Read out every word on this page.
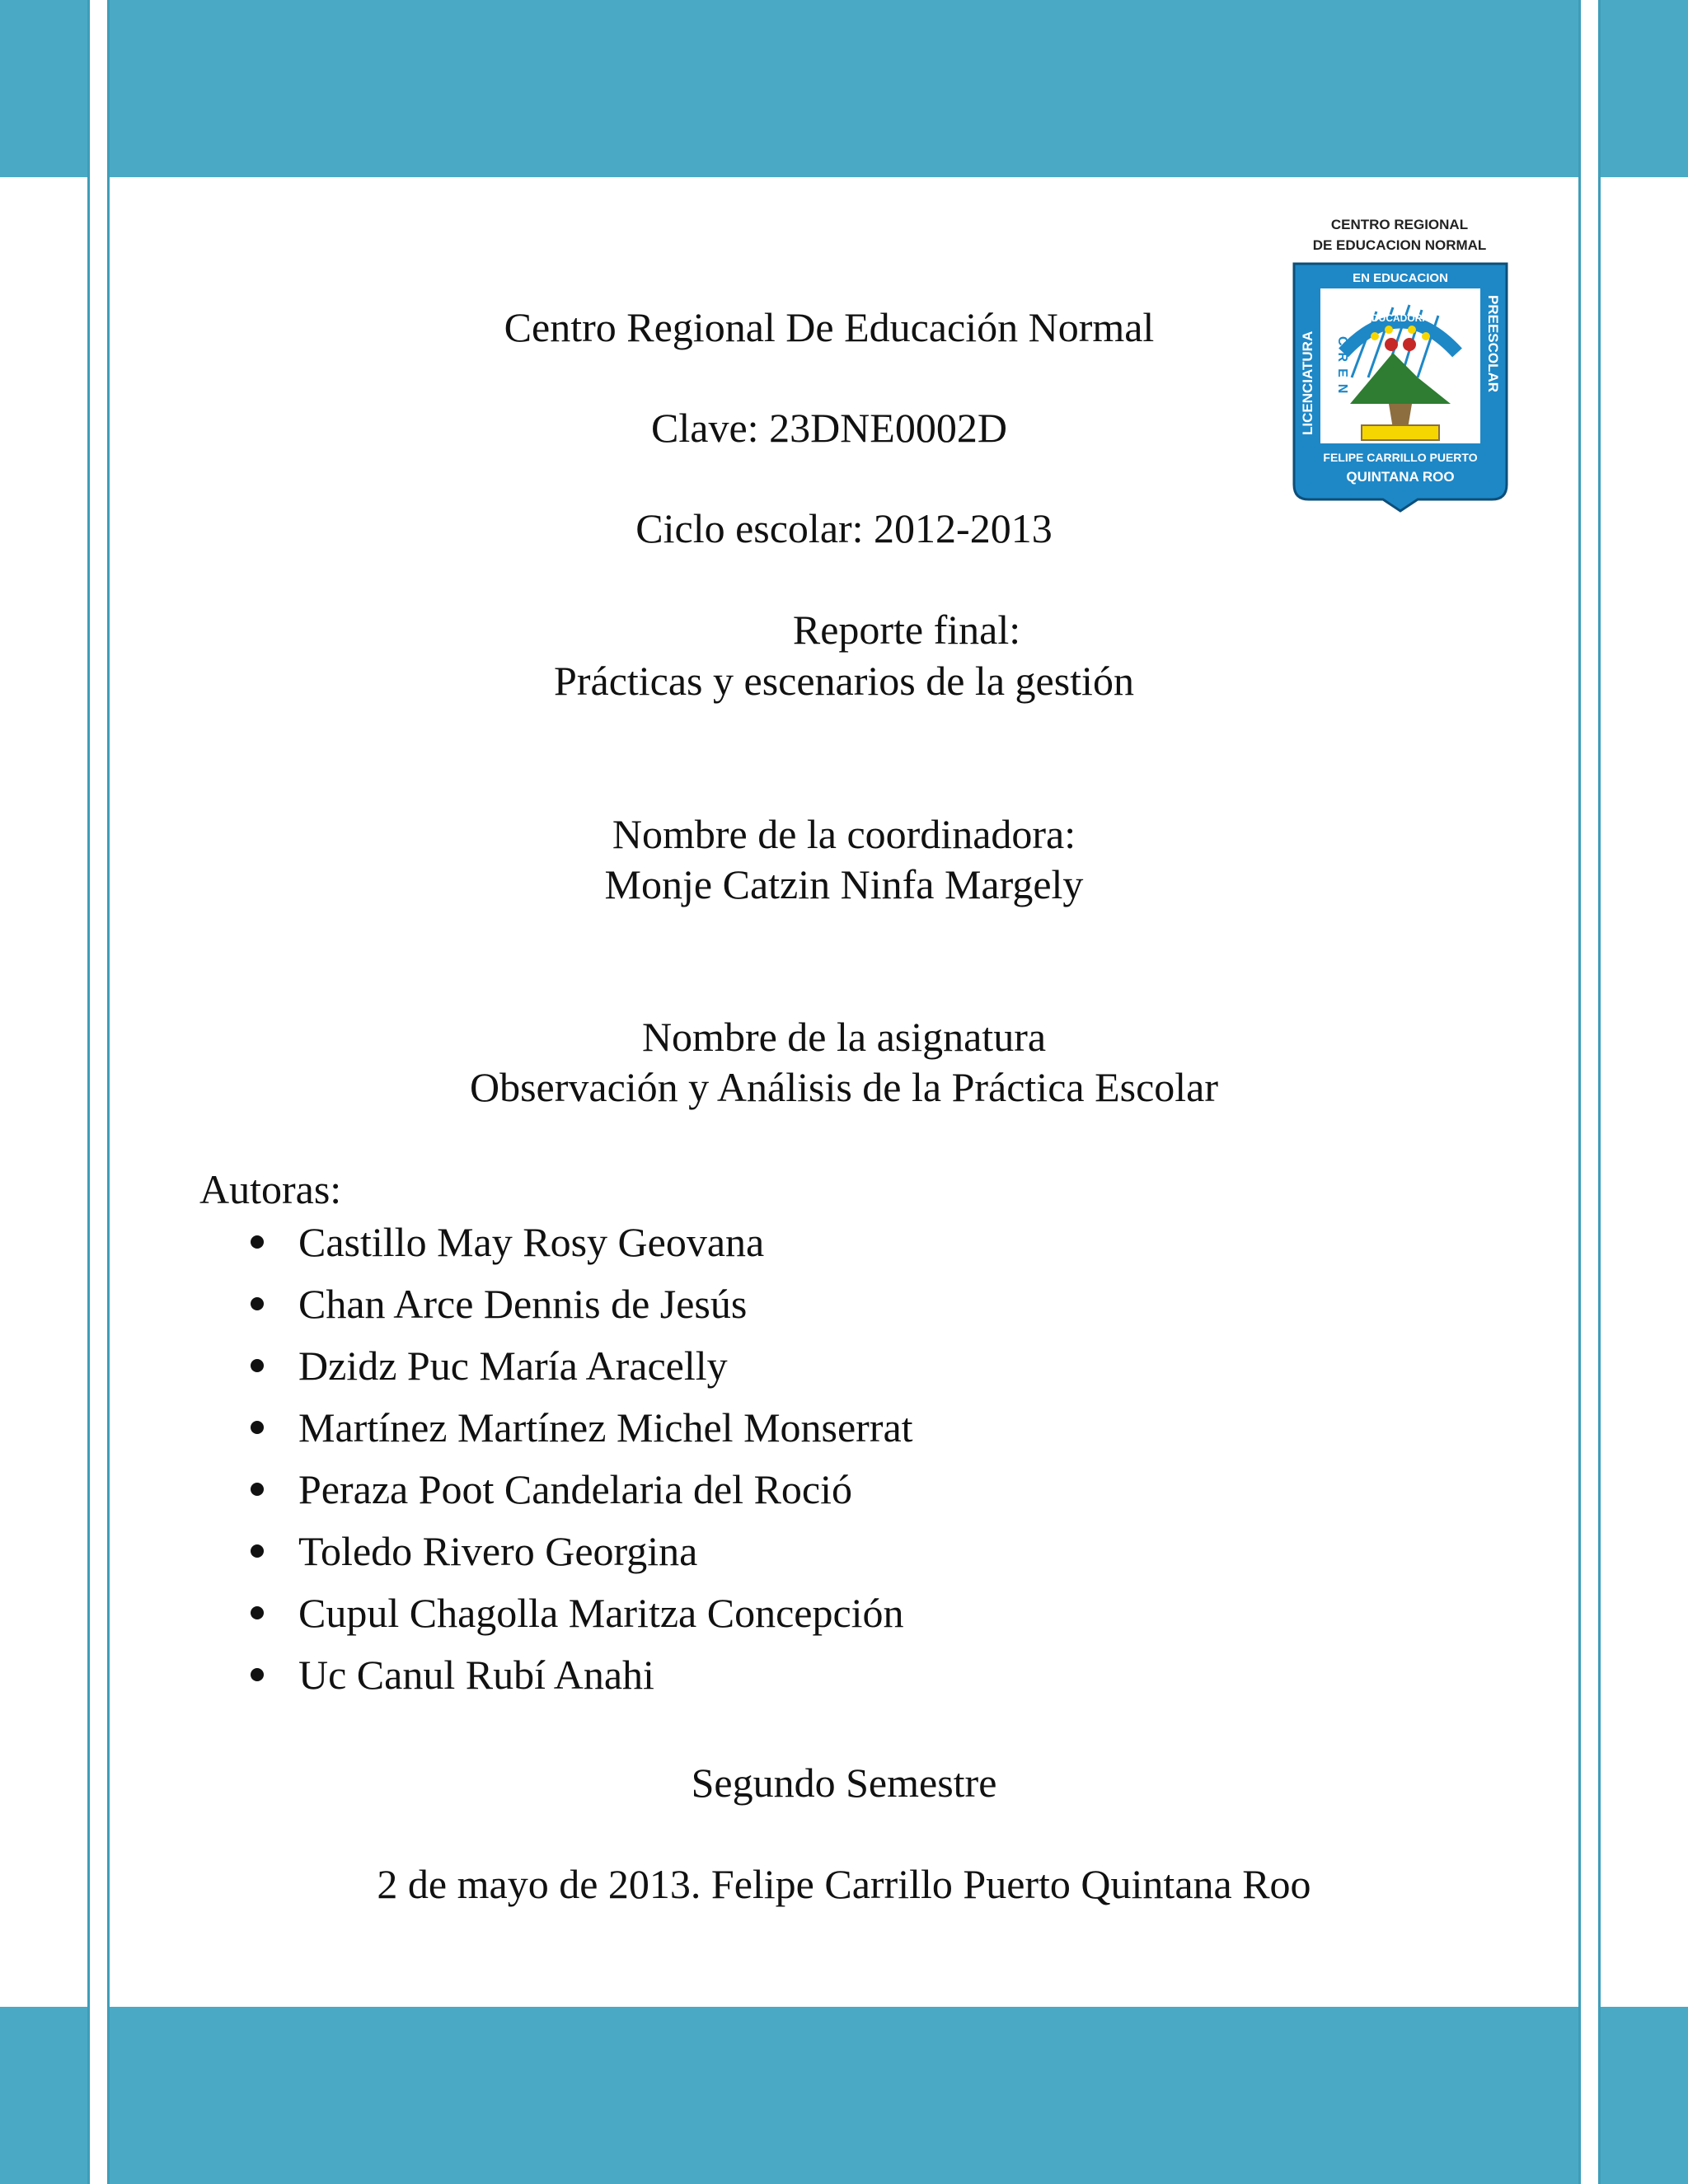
CENTRO REGIONAL
DE EDUCACION NORMAL
EN EDUCACION
LICENCIATURA	PREESCOLAR
FELIPE CARRILLO PUERTO
QUINTANA ROO
EDUCADORAS
CREN
Centro Regional De Educación Normal
Clave: 23DNE0002D
Ciclo escolar: 2012-2013
Reporte final:
Prácticas y escenarios de la gestión
Nombre de la coordinadora:
Monje Catzin Ninfa Margely
Nombre de la asignatura
Observación y Análisis de la Práctica Escolar
Autoras:
Castillo May Rosy Geovana
Chan Arce Dennis de Jesús
Dzidz Puc María Aracelly
Martínez Martínez Michel Monserrat
Peraza Poot Candelaria del Roció
Toledo Rivero Georgina
Cupul Chagolla Maritza Concepción
Uc Canul Rubí Anahi
Segundo Semestre
2 de mayo de 2013. Felipe Carrillo Puerto Quintana Roo
